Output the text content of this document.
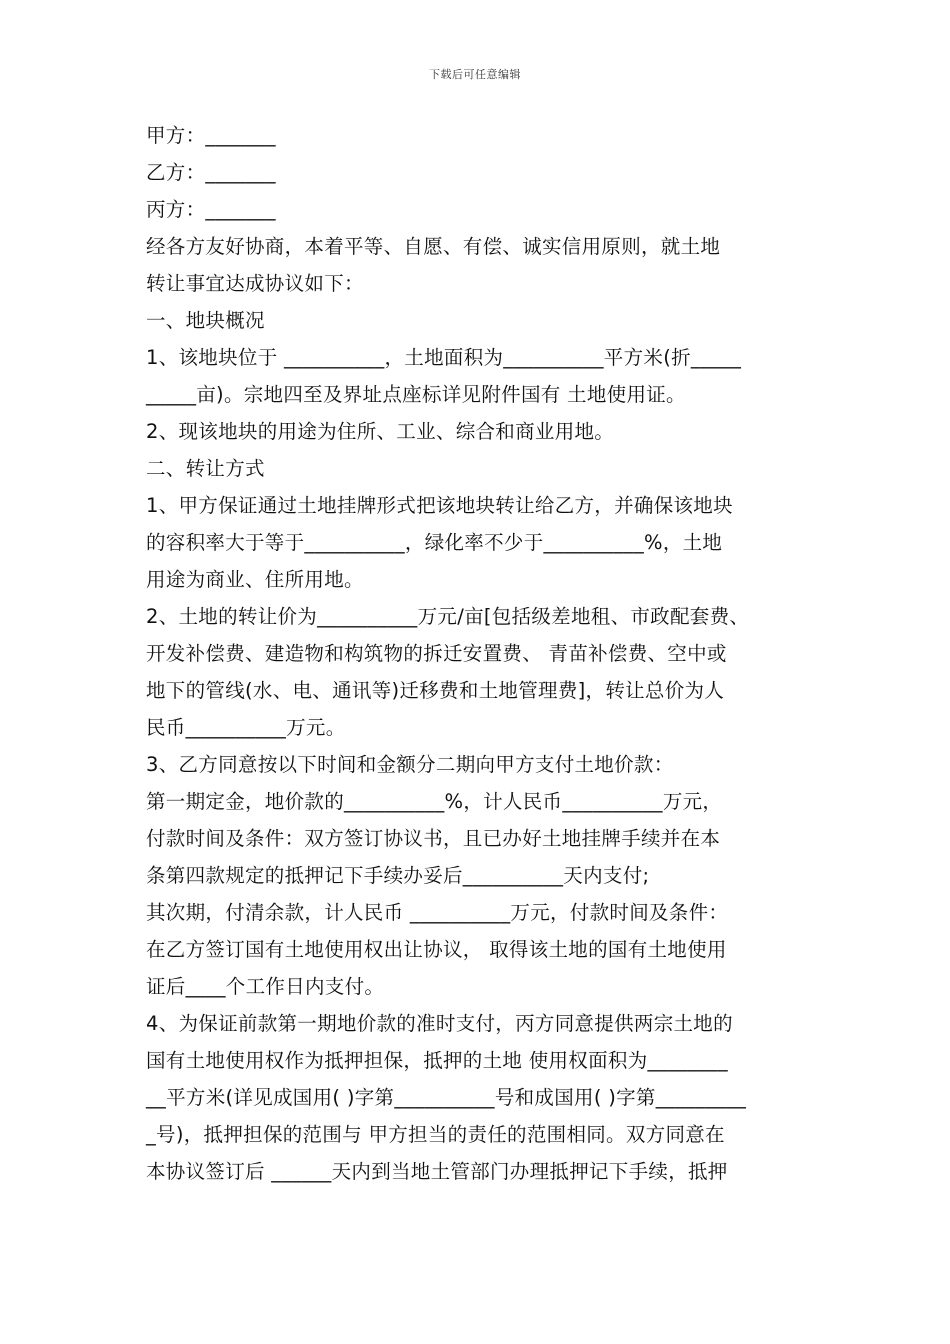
下载后可任意编辑
甲方：_______
乙方：_______
丙方：_______
经各方友好协商，本着平等、自愿、有偿、诚实信用原则，就土地
转让事宜达成协议如下：
一、地块概况
1、该地块位于 __________，土地面积为__________平方米(折_____
_____亩)。宗地四至及界址点座标详见附件国有 土地使用证。
2、现该地块的用途为住所、工业、综合和商业用地。
二、转让方式
1、甲方保证通过土地挂牌形式把该地块转让给乙方，并确保该地块
的容积率大于等于__________，绿化率不少于__________%，土地
用途为商业、住所用地。
2、土地的转让价为__________万元/亩[包括级差地租、市政配套费、
开发补偿费、建造物和构筑物的拆迁安置费、 青苗补偿费、空中或
地下的管线(水、电、通讯等)迁移费和土地管理费]，转让总价为人
民币__________万元。
3、乙方同意按以下时间和金额分二期向甲方支付土地价款：
第一期定金，地价款的__________%，计人民币__________万元，
付款时间及条件：双方签订协议书，且已办好土地挂牌手续并在本
条第四款规定的抵押记下手续办妥后__________天内支付;
其次期，付清余款，计人民币 __________万元，付款时间及条件：
在乙方签订国有土地使用权出让协议， 取得该土地的国有土地使用
证后____个工作日内支付。
4、为保证前款第一期地价款的准时支付，丙方同意提供两宗土地的
国有土地使用权作为抵押担保，抵押的土地 使用权面积为________
__平方米(详见成国用( )字第__________号和成国用( )字第_________
_号)，抵押担保的范围与 甲方担当的责任的范围相同。双方同意在
本协议签订后 ______天内到当地土管部门办理抵押记下手续，抵押
